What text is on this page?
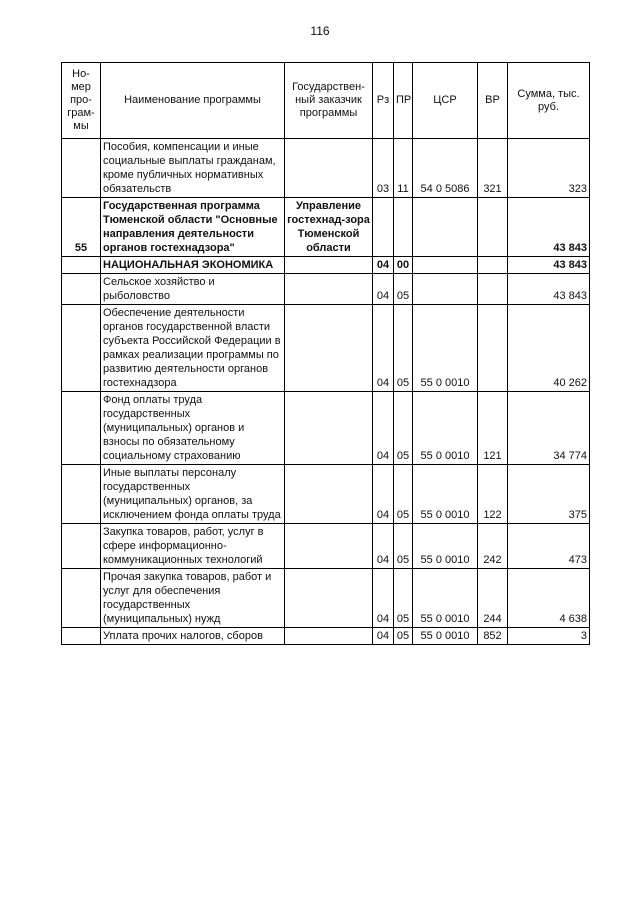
116
Но-мер про-грам-мы	Наименование программы	Государствен-ный заказчик программы	Рз	ПР	ЦСР	ВР	Сумма, тыс. руб.
	Пособия, компенсации и иные социальные выплаты гражданам, кроме публичных нормативных обязательств		03	11	54 0 5086	321	323
55	Государственная программа Тюменской области "Основные направления деятельности органов гостехнадзора"	Управление гостехнад-зора Тюменской области					43 843
	НАЦИОНАЛЬНАЯ ЭКОНОМИКА		04	00			43 843
	Сельское хозяйство и рыболовство		04	05			43 843
	Обеспечение деятельности органов государственной власти субъекта Российской Федерации в рамках реализации программы по развитию деятельности органов гостехнадзора		04	05	55 0 0010		40 262
	Фонд оплаты труда государственных (муниципальных) органов и взносы по обязательному социальному страхованию		04	05	55 0 0010	121	34 774
	Иные выплаты персоналу государственных (муниципальных) органов, за исключением фонда оплаты труда		04	05	55 0 0010	122	375
	Закупка товаров, работ, услуг в сфере информационно-коммуникационных технологий		04	05	55 0 0010	242	473
	Прочая закупка товаров, работ и услуг для обеспечения государственных (муниципальных) нужд		04	05	55 0 0010	244	4 638
	Уплата прочих налогов, сборов		04	05	55 0 0010	852	3
